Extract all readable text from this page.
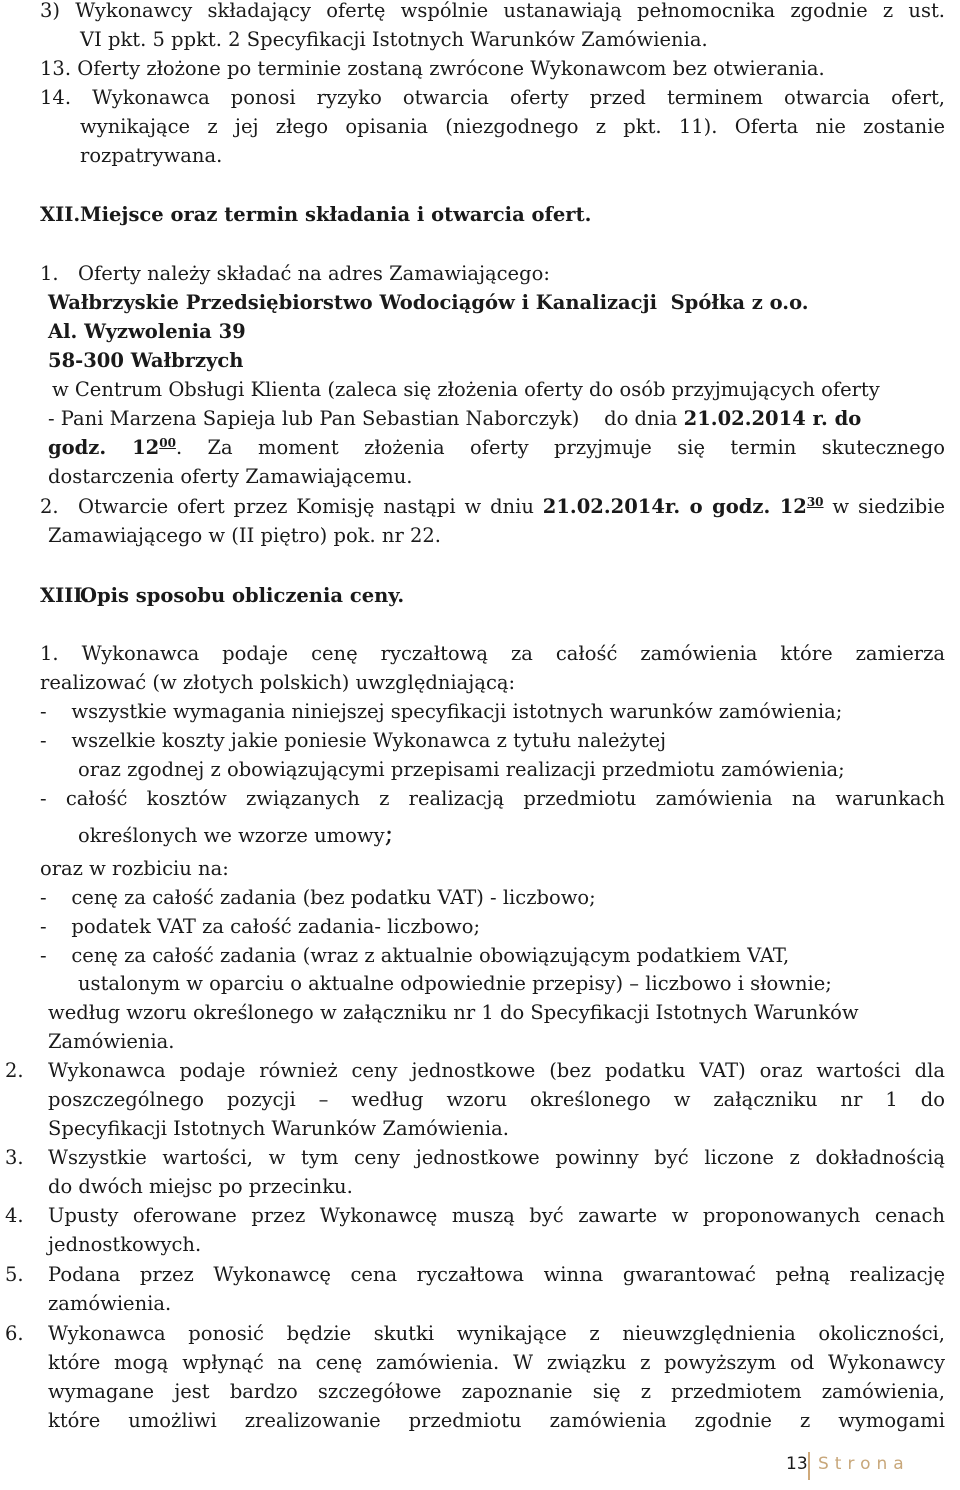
3) Wykonawcy składający ofertę wspólnie ustanawiają pełnomocnika zgodnie z ust.
VI pkt. 5 ppkt. 2 Specyfikacji Istotnych Warunków Zamówienia.
13. Oferty złożone po terminie zostaną zwrócone Wykonawcom bez otwierania.
14. Wykonawca ponosi ryzyko otwarcia oferty przed terminem otwarcia ofert,
wynikające z jej złego opisania (niezgodnego z pkt. 11). Oferta nie zostanie
rozpatrywana.
XII. Miejsce oraz termin składania i otwarcia ofert.
1. Oferty należy składać na adres Zamawiającego:
Wałbrzyskie Przedsiębiorstwo Wodociągów i Kanalizacji  Spółka z o.o.
Al. Wyzwolenia 39
58-300 Wałbrzych
w Centrum Obsługi Klienta (zaleca się złożenia oferty do osób przyjmujących oferty
- Pani Marzena Sapieja lub Pan Sebastian Naborczyk)    do dnia 21.02.2014 r. do
godz. $12^{00}$. Za moment złożenia oferty przyjmuje się termin skutecznego
dostarczenia oferty Zamawiającemu.
2. Otwarcie ofert przez Komisję nastąpi w dniu 21.02.2014r. o godz. $12^{30}$ w siedzibie
Zamawiającego w (II piętro) pok. nr 22.
XIII.
Opis sposobu obliczenia ceny.
1. Wykonawca podaje cenę ryczałtową za całość zamówienia które zamierza
realizować (w złotych polskich) uwzględniającą:
-    wszystkie wymagania niniejszej specyfikacji istotnych warunków zamówienia;
-    wszelkie koszty jakie poniesie Wykonawca z tytułu należytej
oraz zgodnej z obowiązującymi przepisami realizacji przedmiotu zamówienia;
- całość kosztów związanych z realizacją przedmiotu zamówienia na warunkach
określonych we wzorze umowy;
oraz w rozbiciu na:
-    cenę za całość zadania (bez podatku VAT) - liczbowo;
-    podatek VAT za całość zadania- liczbowo;
-    cenę za całość zadania (wraz z aktualnie obowiązującym podatkiem VAT,
ustalonym w oparciu o aktualne odpowiednie przepisy) – liczbowo i słownie;
według wzoru określonego w załączniku nr 1 do Specyfikacji Istotnych Warunków
Zamówienia.
2. Wykonawca podaje również ceny jednostkowe (bez podatku VAT) oraz wartości dla
poszczególnego pozycji – według wzoru określonego w załączniku nr 1 do
Specyfikacji Istotnych Warunków Zamówienia.
3. Wszystkie wartości, w tym ceny jednostkowe powinny być liczone z dokładnością
do dwóch miejsc po przecinku.
4. Upusty oferowane przez Wykonawcę muszą być zawarte w proponowanych cenach
jednostkowych.
5. Podana przez Wykonawcę cena ryczałtowa winna gwarantować pełną realizację
zamówienia.
6. Wykonawca ponosić będzie skutki wynikające z nieuwzględnienia okoliczności,
które mogą wpłynąć na cenę zamówienia. W związku z powyższym od Wykonawcy
wymagane jest bardzo szczegółowe zapoznanie się z przedmiotem zamówienia,
które umożliwi zrealizowanie przedmiotu zamówienia zgodnie z wymogami
13 Strona
